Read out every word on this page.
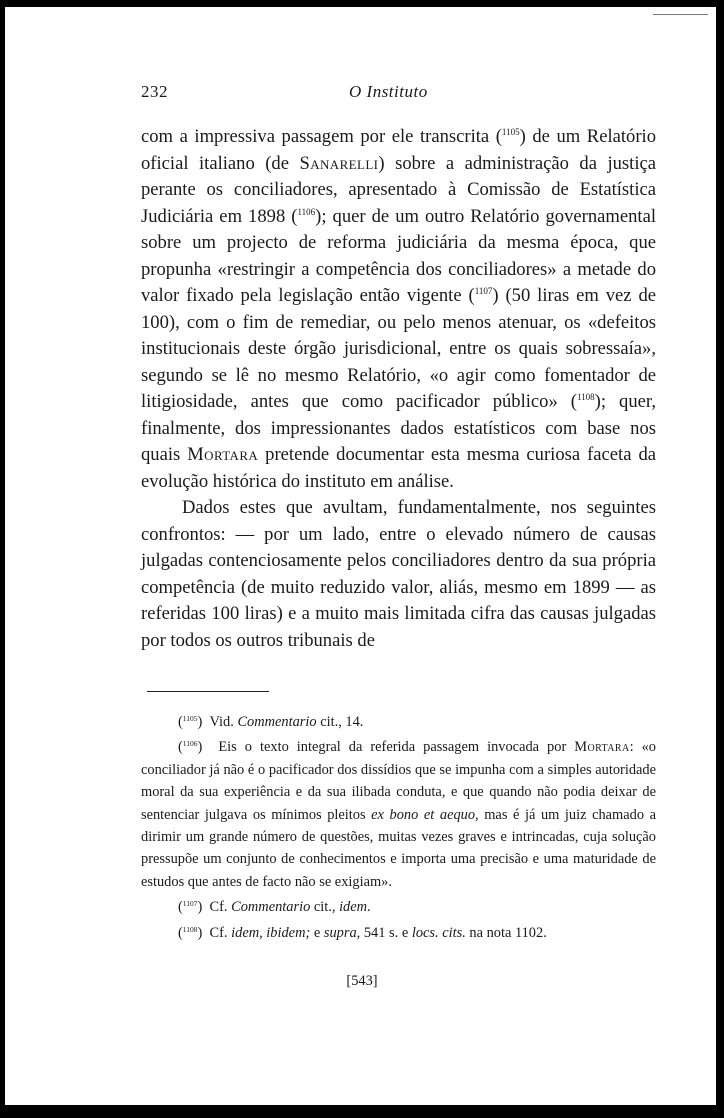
232	O Instituto

com a impressiva passagem por ele transcrita ($^{1105}$) de um Relatório oficial italiano (de Sanarelli) sobre a administração da justiça perante os conciliadores, apresentado à Comissão de Estatística Judiciária em 1898 ($^{1106}$); quer de um outro Relatório governamental sobre um projecto de reforma judiciária da mesma época, que propunha «restringir a competência dos conciliadores» a metade do valor fixado pela legislação então vigente ($^{1107}$) (50 liras em vez de 100), com o fim de remediar, ou pelo menos atenuar, os «defeitos institucionais deste órgão jurisdicional, entre os quais sobressaía», segundo se lê no mesmo Relatório, «o agir como fomentador de litigiosidade, antes que como pacificador público» ($^{1108}$); quer, finalmente, dos impressionantes dados estatísticos com base nos quais Mortara pretende documentar esta mesma curiosa faceta da evolução histórica do instituto em análise.

Dados estes que avultam, fundamentalmente, nos seguintes confrontos: — por um lado, entre o elevado número de causas julgadas contenciosamente pelos conciliadores dentro da sua própria competência (de muito reduzido valor, aliás, mesmo em 1899 — as referidas 100 liras) e a muito mais limitada cifra das causas julgadas por todos os outros tribunais de

($^{1105}$)  Vid. Commentario cit., 14.

($^{1106}$)  Eis o texto integral da referida passagem invocada por Mortara: «o conciliador já não é o pacificador dos dissídios que se impunha com a simples autoridade moral da sua experiência e da sua ilibada conduta, e que quando não podia deixar de sentenciar julgava os mínimos pleitos ex bono et aequo, mas é já um juiz chamado a dirimir um grande número de questões, muitas vezes graves e intrincadas, cuja solução pressupõe um conjunto de conhecimentos e importa uma precisão e uma maturidade de estudos que antes de facto não se exigiam».

($^{1107}$)  Cf. Commentario cit., idem.

($^{1108}$)  Cf. idem, ibidem; e supra, 541 s. e locs. cits. na nota 1102.

[543]
